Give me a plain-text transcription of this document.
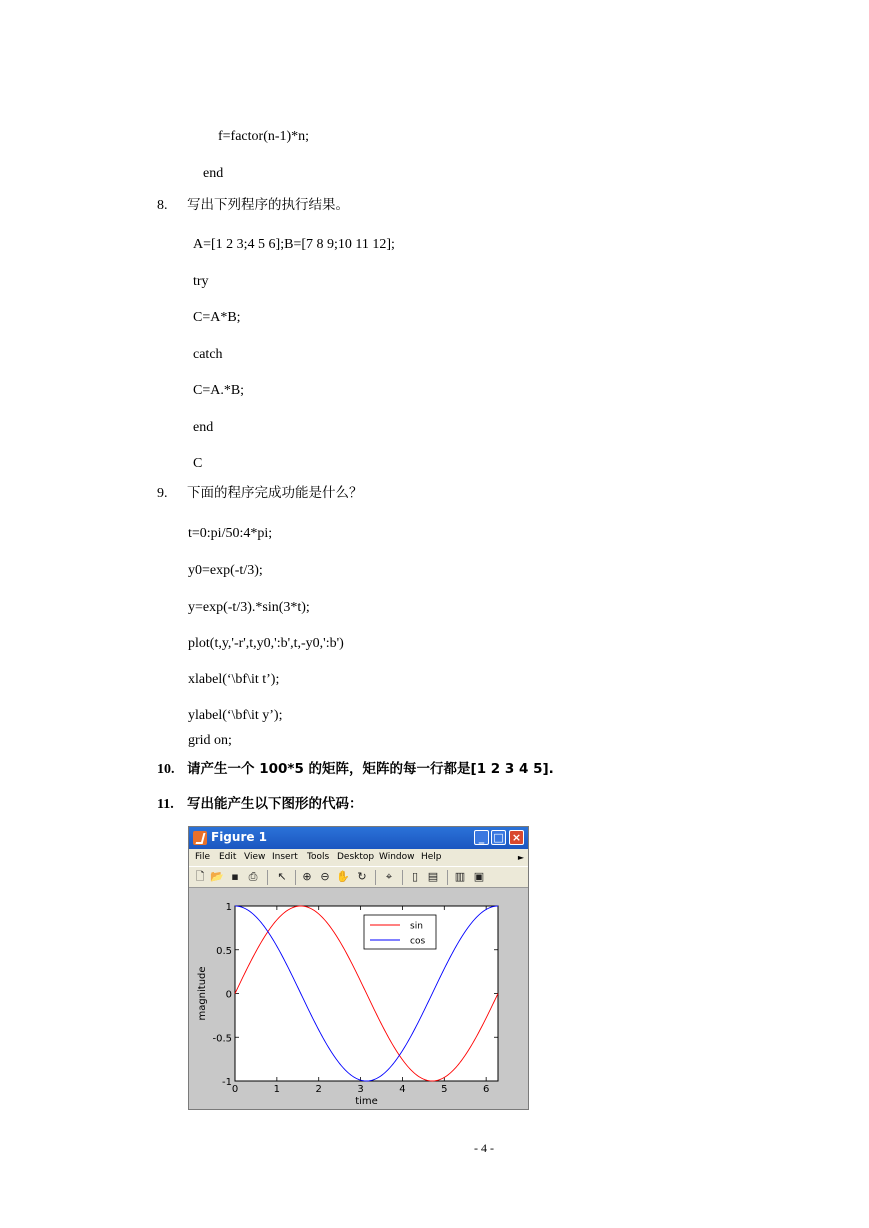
f=factor(n-1)*n;
end
8. 写出下列程序的执行结果。
A=[1 2 3;4 5 6];B=[7 8 9;10 11 12];
try
C=A*B;
catch
C=A.*B;
end
C
9. 下面的程序完成功能是什么？
t=0:pi/50:4*pi;
y0=exp(-t/3);
y=exp(-t/3).*sin(3*t);
plot(t,y,'-r',t,y0,':b',t,-y0,':b')
xlabel(‘\bf\it t’);
ylabel(‘\bf\it y’);
grid on;
10. 请产生一个 100*5 的矩阵，矩阵的每一行都是[1 2 3 4 5].
11. 写出能产生以下图形的代码：
Figure 1	_ □ ×
File Edit View Insert Tools Desktop Window Help	►
🗋 📂 ▪ ⎙ ↖ ⊕ ⊖ ✋ ↻	⌖	▯ ▤ ▥ ▣
0	1	2	3	4	5	6
-1
-0.5
0
0.5
1
time
magnitude
sin
cos
- 4 -
